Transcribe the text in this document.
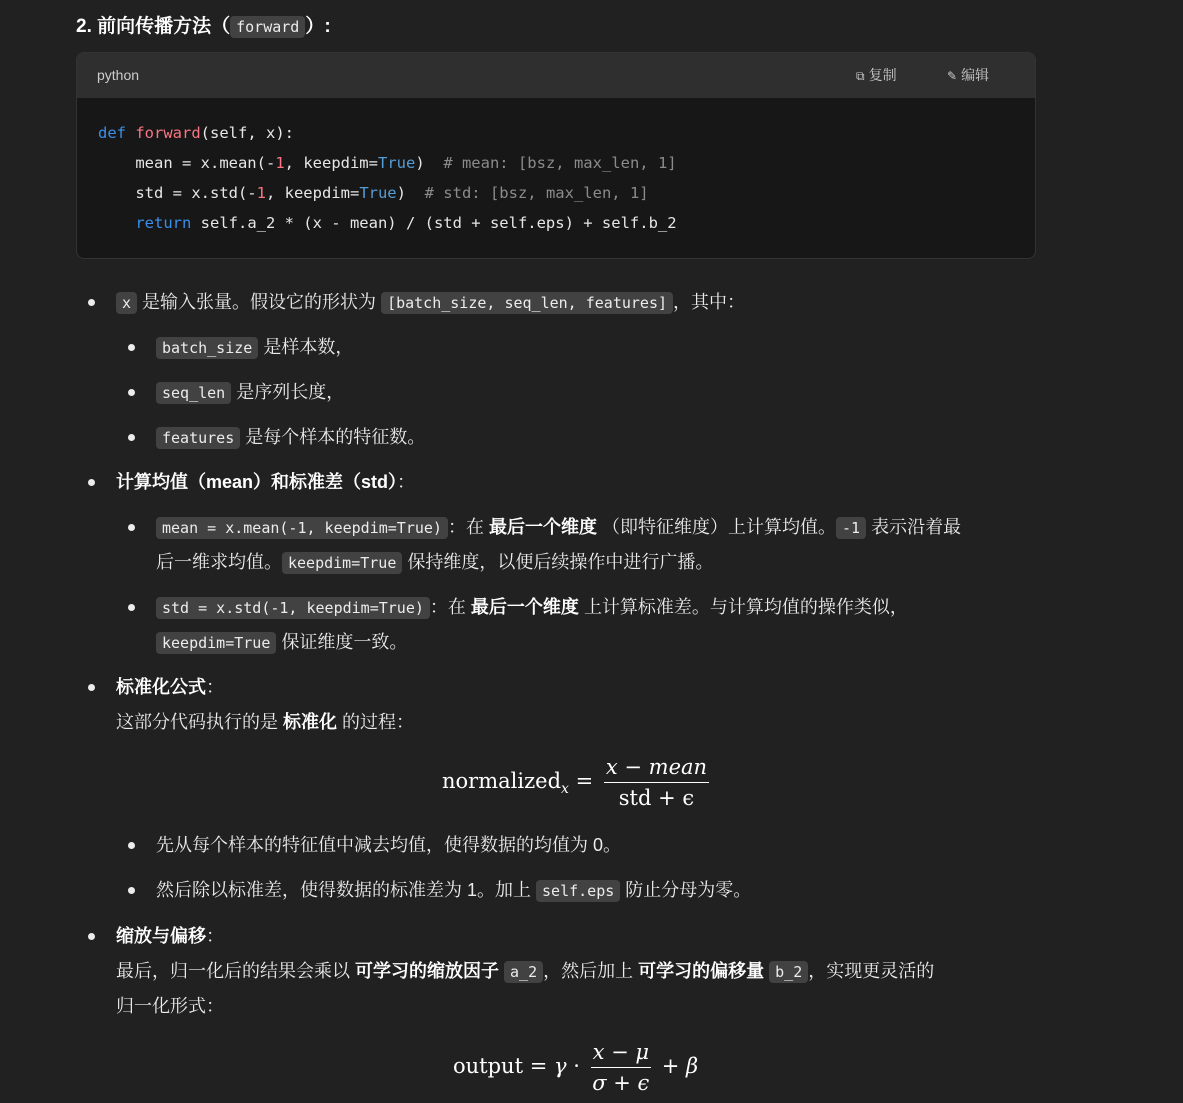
2. 前向传播方法（ forward ）:
python	⧉ 复制	✎ 编辑
def forward(self, x):
mean = x.mean(-1, keepdim=True)  # mean: [bsz, max_len, 1]
std = x.std(-1, keepdim=True)  # std: [bsz, max_len, 1]
return self.a_2 * (x - mean) / (std + self.eps) + self.b_2
x 是输入张量。假设它的形状为 [batch_size, seq_len, features] ，其中：
batch_size 是样本数，
seq_len 是序列长度，
features 是每个样本的特征数。
计算均值（mean）和标准差（std）：
mean = x.mean(-1, keepdim=True) ：在 最后一个维度 （即特征维度）上计算均值。 -1 表示沿着最
后一维求均值。 keepdim=True 保持维度，以便后续操作中进行广播。
std = x.std(-1, keepdim=True) ：在 最后一个维度 上计算标准差。与计算均值的操作类似，
keepdim=True 保证维度一致。
标准化公式：
这部分代码执行的是 标准化 的过程：
normalized$_x$ = $\frac{\text{x − mean}}{\text{std + ϵ}}$
先从每个样本的特征值中减去均值，使得数据的均值为 0。
然后除以标准差，使得数据的标准差为 1。加上 self.eps 防止分母为零。
缩放与偏移：
最后，归一化后的结果会乘以 可学习的缩放因子 a_2 ，然后加上 可学习的偏移量 b_2 ，实现更灵活的
归一化形式：
output = $\gamma \cdot \frac{x - \mu}{\sigma + \epsilon} + \beta$
